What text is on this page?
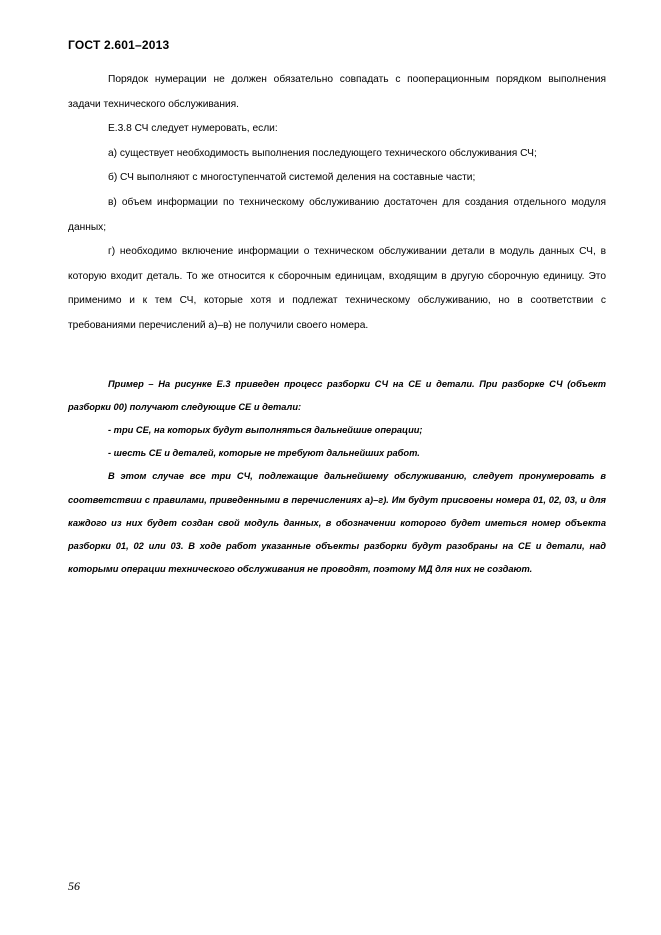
ГОСТ 2.601–2013

Порядок нумерации не должен обязательно совпадать с пооперационным порядком выполнения задачи технического обслуживания.

Е.3.8 СЧ следует нумеровать, если:

а) существует необходимость выполнения последующего технического обслуживания СЧ;

б) СЧ выполняют с многоступенчатой системой деления на составные части;

в) объем информации по техническому обслуживанию достаточен для создания отдельного модуля данных;

г) необходимо включение информации о техническом обслуживании детали в модуль данных СЧ, в которую входит деталь. То же относится к сборочным единицам, входящим в другую сборочную единицу. Это применимо и к тем СЧ, которые хотя и подлежат техническому обслуживанию, но в соответствии с требованиями перечислений а)–в) не получили своего номера.

Пример – На рисунке Е.3 приведен процесс разборки СЧ на СЕ и детали. При разборке СЧ (объект разборки 00) получают следующие СЕ и детали:

- три СЕ, на которых будут выполняться дальнейшие операции;

- шесть СЕ и деталей, которые не требуют дальнейших работ.

В этом случае все три СЧ, подлежащие дальнейшему обслуживанию, следует пронумеровать в соответствии с правилами, приведенными в перечислениях а)–г). Им будут присвоены номера 01, 02, 03, и для каждого из них будет создан свой модуль данных, в обозначении которого будет иметься номер объекта разборки 01, 02 или 03. В ходе работ указанные объекты разборки будут разобраны на СЕ и детали, над которыми операции технического обслуживания не проводят, поэтому МД для них не создают.

56
